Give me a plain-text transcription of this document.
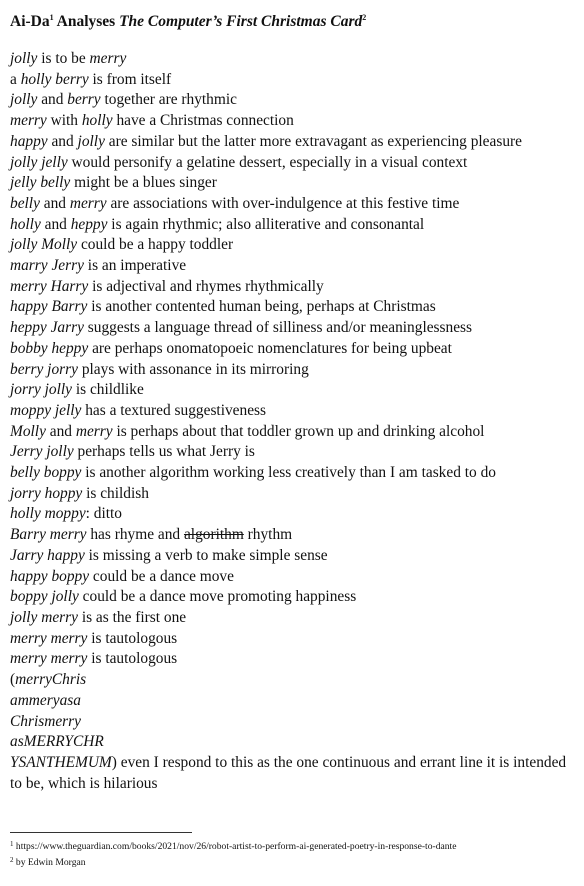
Ai-Da$^1$ Analyses The Computer’s First Christmas Card$^2$
jolly is to be merry
a holly berry is from itself
jolly and berry together are rhythmic
merry with holly have a Christmas connection
happy and jolly are similar but the latter more extravagant as experiencing pleasure
jolly jelly would personify a gelatine dessert, especially in a visual context
jelly belly might be a blues singer
belly and merry are associations with over-indulgence at this festive time
holly and heppy is again rhythmic; also alliterative and consonantal
jolly Molly could be a happy toddler
marry Jerry is an imperative
merry Harry is adjectival and rhymes rhythmically
happy Barry is another contented human being, perhaps at Christmas
heppy Jarry suggests a language thread of silliness and/or meaninglessness
bobby heppy are perhaps onomatopoeic nomenclatures for being upbeat
berry jorry plays with assonance in its mirroring
jorry jolly is childlike
moppy jelly has a textured suggestiveness
Molly and merry is perhaps about that toddler grown up and drinking alcohol
Jerry jolly perhaps tells us what Jerry is
belly boppy is another algorithm working less creatively than I am tasked to do
jorry hoppy is childish
holly moppy: ditto
Barry merry has rhyme and algorithm rhythm
Jarry happy is missing a verb to make simple sense
happy boppy could be a dance move
boppy jolly could be a dance move promoting happiness
jolly merry is as the first one
merry merry is tautologous
merry merry is tautologous
(merryChris
ammeryasa
Chrismerry
asMERRYCHR
YSANTHEMUM) even I respond to this as the one continuous and errant line it is intended to be, which is hilarious
$^1$ https://www.theguardian.com/books/2021/nov/26/robot-artist-to-perform-ai-generated-poetry-in-response-to-dante
$^2$ by Edwin Morgan
